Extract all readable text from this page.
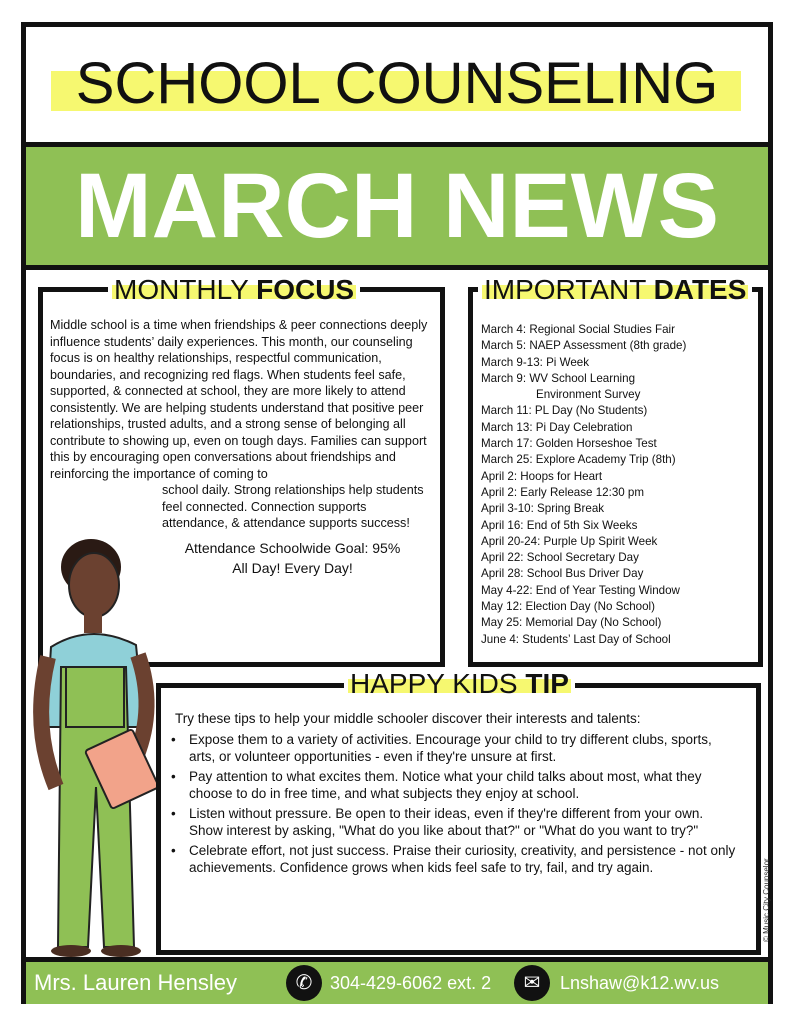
SCHOOL COUNSELING
MARCH NEWS
MONTHLY FOCUS
Middle school is a time when friendships & peer connections deeply influence students’ daily experiences. This month, our counseling focus is on healthy relationships, respectful communication, boundaries, and recognizing red flags. When students feel safe, supported, & connected at school, they are more likely to attend consistently. We are helping students understand that positive peer relationships, trusted adults, and a strong sense of belonging all contribute to showing up, even on tough days. Families can support this by encouraging open conversations about friendships and reinforcing the importance of coming to
school daily. Strong relationships help students feel connected. Connection supports attendance, & attendance supports success!
Attendance Schoolwide Goal: 95%
All Day! Every Day!
March 4: Regional Social Studies Fair
March 5: NAEP Assessment (8th grade)
March 9-13: Pi Week
March 9: WV School Learning
Environment Survey
March 11: PL Day (No Students)
March 13: Pi Day Celebration
March 17: Golden Horseshoe Test
March 25: Explore Academy Trip (8th)
April 2: Hoops for Heart
April 2: Early Release 12:30 pm
April 3-10: Spring Break
April 16: End of 5th Six Weeks
April 20-24: Purple Up Spirit Week
April 22: School Secretary Day
April 28: School Bus Driver Day
May 4-22: End of Year Testing Window
May 12: Election Day (No School)
May 25: Memorial Day (No School)
June 4: Students’ Last Day of School
IMPORTANT DATES
Try these tips to help your middle schooler discover their interests and talents:
• Expose them to a variety of activities. Encourage your child to try different clubs, sports, arts, or volunteer opportunities - even if they're unsure at first.
• Pay attention to what excites them. Notice what your child talks about most, what they choose to do in free time, and what subjects they enjoy at school.
• Listen without pressure. Be open to their ideas, even if they're different from your own. Show interest by asking, "What do you like about that?" or "What do you want to try?"
• Celebrate effort, not just success. Praise their curiosity, creativity, and persistence - not only achievements. Confidence grows when kids feel safe to try, fail, and try again.
HAPPY KIDS TIP
© Music City Counselor
Mrs. Lauren Hensley	✆ 304-429-6062 ext. 2	✉	Lnshaw@k12.wv.us
